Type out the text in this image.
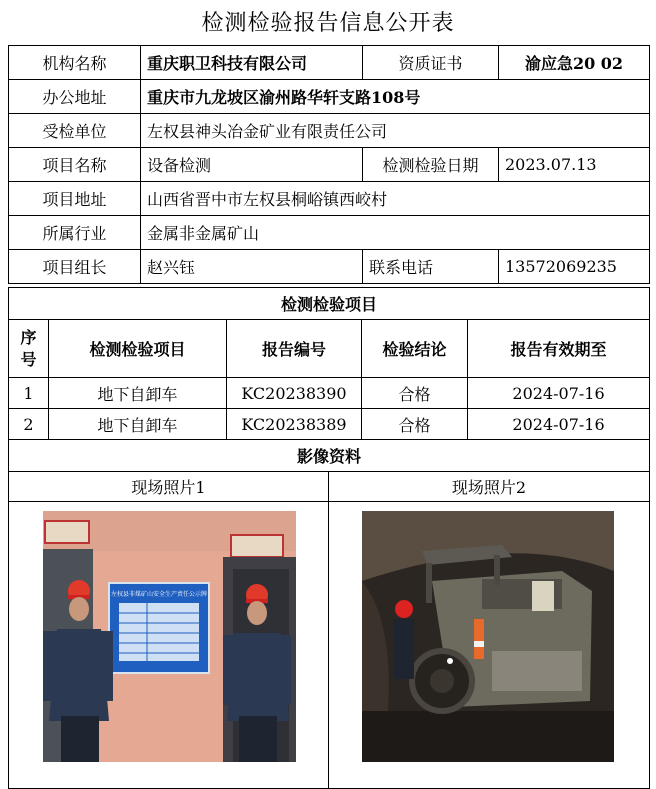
检测检验报告信息公开表
机构名称	重庆职卫科技有限公司	资质证书	渝应急20 02
办公地址	重庆市九龙坡区渝州路华轩支路108号		
受检单位	左权县神头冶金矿业有限责任公司		
项目名称	设备检测	检测检验日期	2023.07.13
项目地址	山西省晋中市左权县桐峪镇西峧村		
所属行业	金属非金属矿山		
项目组长	赵兴钰	联系电话	13572069235
检测检验项目				
序号	检测检验项目	报告编号	检验结论	报告有效期至
1	地下自卸车	KC20238390	合格	2024-07-16
2	地下自卸车	KC20238389	合格	2024-07-16
影像资料	
现场照片1	现场照片2

左权县非煤矿山安全生产责任公示牌
